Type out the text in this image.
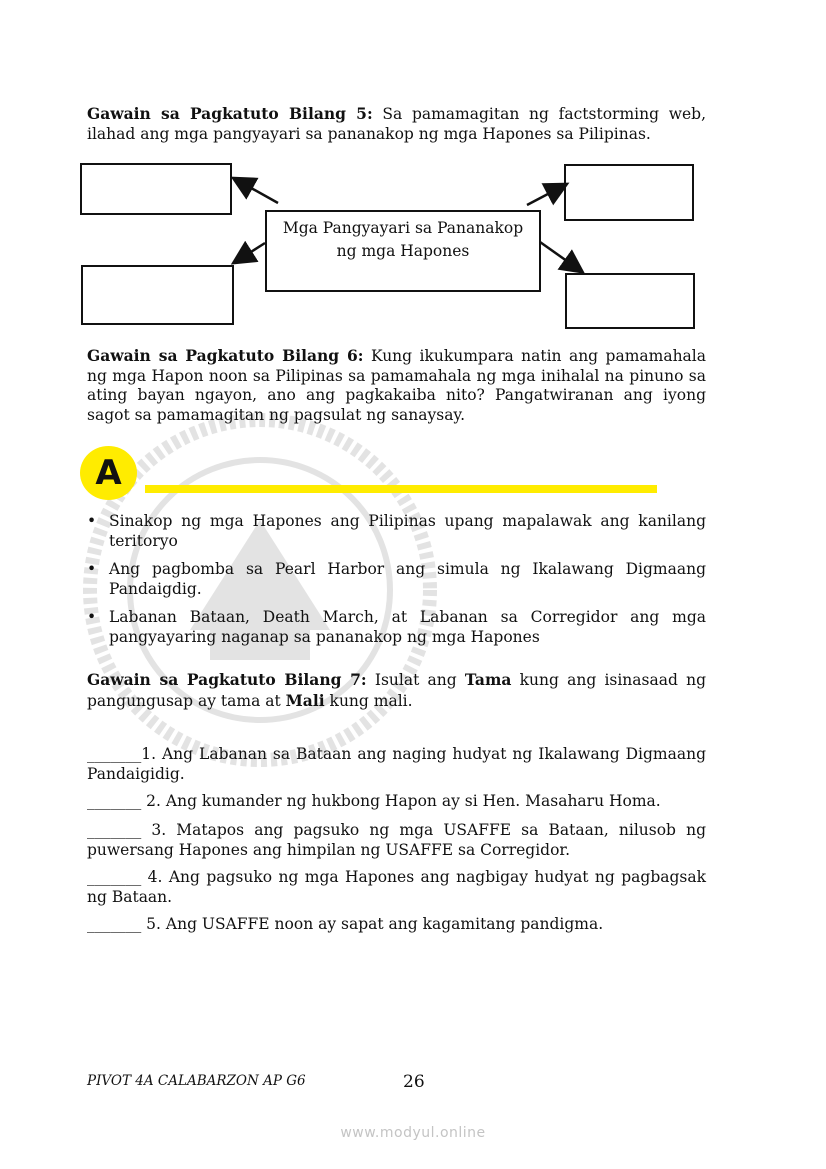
Gawain sa Pagkatuto Bilang 5: Sa pamamagitan ng factstorming web, ilahad ang mga pangyayari sa pananakop ng mga Hapones sa Pilipinas.
Mga Pangyayari sa Pananakop
ng mga Hapones
Gawain sa Pagkatuto Bilang 6: Kung ikukumpara natin ang pamamahala ng mga Hapon noon sa Pilipinas sa pamamahala ng mga inihalal na pinuno sa ating bayan ngayon, ano ang pagkakaiba nito? Pangatwiranan ang iyong sagot sa pamamagitan ng pagsulat ng sanaysay.
A
• Sinakop ng mga Hapones ang Pilipinas upang mapalawak ang kanilang teritoryo
• Ang pagbomba sa Pearl Harbor ang simula ng Ikalawang Digmaang Pandaigdig.
• Labanan Bataan, Death March, at Labanan sa Corregidor ang mga pangyayaring naganap sa pananakop ng mga Hapones
Gawain sa Pagkatuto Bilang 7: Isulat ang Tama kung ang isinasaad ng pangungusap ay tama at Mali kung mali.
_______1. Ang Labanan sa Bataan ang naging hudyat ng Ikalawang Digmaang Pandaigidig.
_______ 2. Ang kumander ng hukbong Hapon ay si Hen. Masaharu Homa.
_______ 3. Matapos ang pagsuko ng mga USAFFE sa Bataan, nilusob ng puwersang Hapones ang himpilan ng USAFFE sa Corregidor.
_______ 4. Ang pagsuko ng mga Hapones ang nagbigay hudyat ng pagbagsak ng Bataan.
_______ 5. Ang USAFFE noon ay sapat ang kagamitang pandigma.
PIVOT 4A CALABARZON AP G6	26
www.modyul.online
